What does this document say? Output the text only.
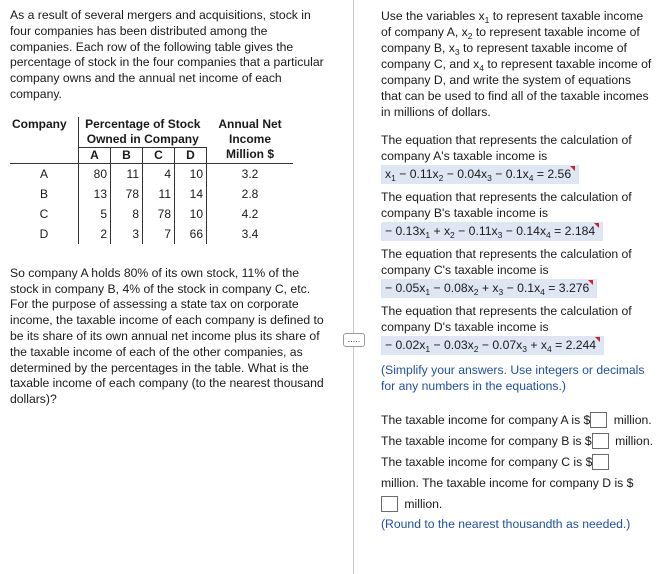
As a result of several mergers and acquisitions, stock in four companies has been distributed among the companies. Each row of the following table gives the percentage of stock in the four companies that a particular company owns and the annual net income of each company.

Company	Percentage of Stock
Owned in Company				Annual Net
Income
Million $
	A	B	C	D	
A	80	11	4	10	3.2
B	13	78	11	14	2.8
C	5	8	78	10	4.2
D	2	3	7	66	3.4

So company A holds 80% of its own stock, 11% of the stock in company B, 4% of the stock in company C, etc. For the purpose of assessing a state tax on corporate income, the taxable income of each company is defined to be its share of its own annual net income plus its share of the taxable income of each of the other companies, as determined by the percentages in the table. What is the taxable income of each company (to the nearest thousand dollars)?

.....

Use the variables $x_1$ to represent taxable income of company A, $x_2$ to represent taxable income of company B, $x_3$ to represent taxable income of company C, and $x_4$ to represent taxable income of company D, and write the system of equations that can be used to find all of the taxable incomes in millions of dollars.

The equation that represents the calculation of company A's taxable income is

$x_1 - 0.11x_2 - 0.04x_3 - 0.1x_4 = 2.56$

The equation that represents the calculation of company B's taxable income is

− $0.13x_1 + x_2 - 0.11x_3 - 0.14x_4 = 2.184$

The equation that represents the calculation of company C's taxable income is

− $0.05x_1 - 0.08x_2 + x_3 - 0.1x_4 = 3.276$

The equation that represents the calculation of company D's taxable income is

− $0.02x_1 - 0.03x_2 - 0.07x_3 + x_4 = 2.244$

(Simplify your answers. Use integers or decimals for any numbers in the equations.)

The taxable income for company A is $ million. The taxable income for company B is $ million. The taxable income for company C is $ million. The taxable income for company D is $ million.

(Round to the nearest thousandth as needed.)
